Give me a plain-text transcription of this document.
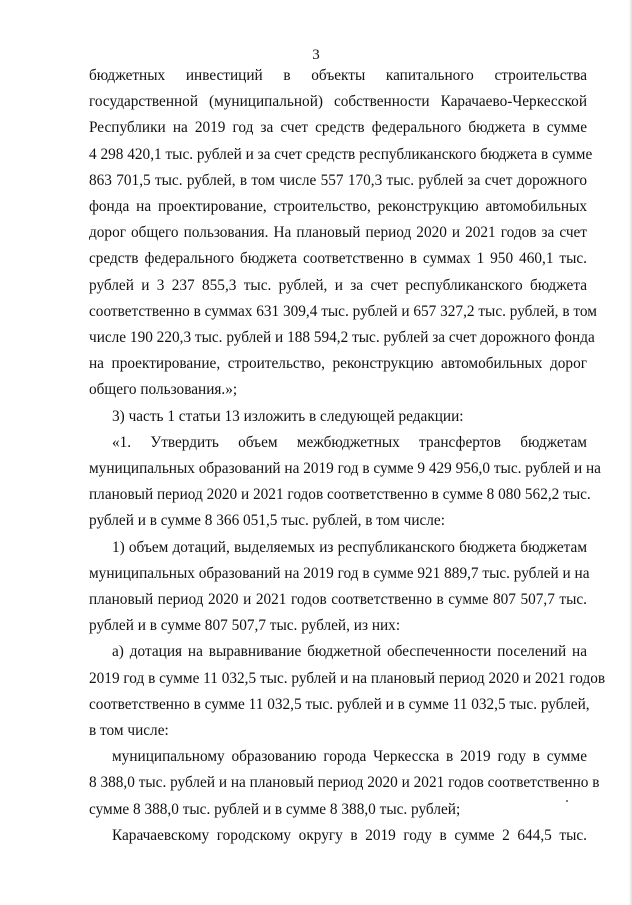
3
бюджетных инвестиций в объекты капитального строительства
государственной (муниципальной) собственности Карачаево-Черкесской
Республики на 2019 год за счет средств федерального бюджета в сумме
4 298 420,1 тыс. рублей и за счет средств республиканского бюджета в сумме
863 701,5 тыс. рублей, в том числе 557 170,3 тыс. рублей за счет дорожного
фонда на проектирование, строительство, реконструкцию автомобильных
дорог общего пользования. На плановый период 2020 и 2021 годов за счет
средств федерального бюджета соответственно в суммах 1 950 460,1 тыс.
рублей и 3 237 855,3 тыс. рублей, и за счет республиканского бюджета
соответственно в суммах 631 309,4 тыс. рублей и 657 327,2 тыс. рублей, в том
числе 190 220,3 тыс. рублей и 188 594,2 тыс. рублей за счет дорожного фонда
на проектирование, строительство, реконструкцию автомобильных дорог
общего пользования.»;
3) часть 1 статьи 13 изложить в следующей редакции:
«1. Утвердить объем межбюджетных трансфертов бюджетам
муниципальных образований на 2019 год в сумме 9 429 956,0 тыс. рублей и на
плановый период 2020 и 2021 годов соответственно в сумме 8 080 562,2 тыс.
рублей и в сумме 8 366 051,5 тыс. рублей, в том числе:
1) объем дотаций, выделяемых из республиканского бюджета бюджетам
муниципальных образований на 2019 год в сумме 921 889,7 тыс. рублей и на
плановый период 2020 и 2021 годов соответственно в сумме 807 507,7 тыс.
рублей и в сумме 807 507,7 тыс. рублей, из них:
а) дотация на выравнивание бюджетной обеспеченности поселений на
2019 год в сумме 11 032,5 тыс. рублей и на плановый период 2020 и 2021 годов
соответственно в сумме 11 032,5 тыс. рублей и в сумме 11 032,5 тыс. рублей,
в том числе:
муниципальному образованию города Черкесска в 2019 году в сумме
8 388,0 тыс. рублей и на плановый период 2020 и 2021 годов соответственно в
сумме 8 388,0 тыс. рублей и в сумме 8 388,0 тыс. рублей;
Карачаевскому городскому округу в 2019 году в сумме 2 644,5 тыс.
